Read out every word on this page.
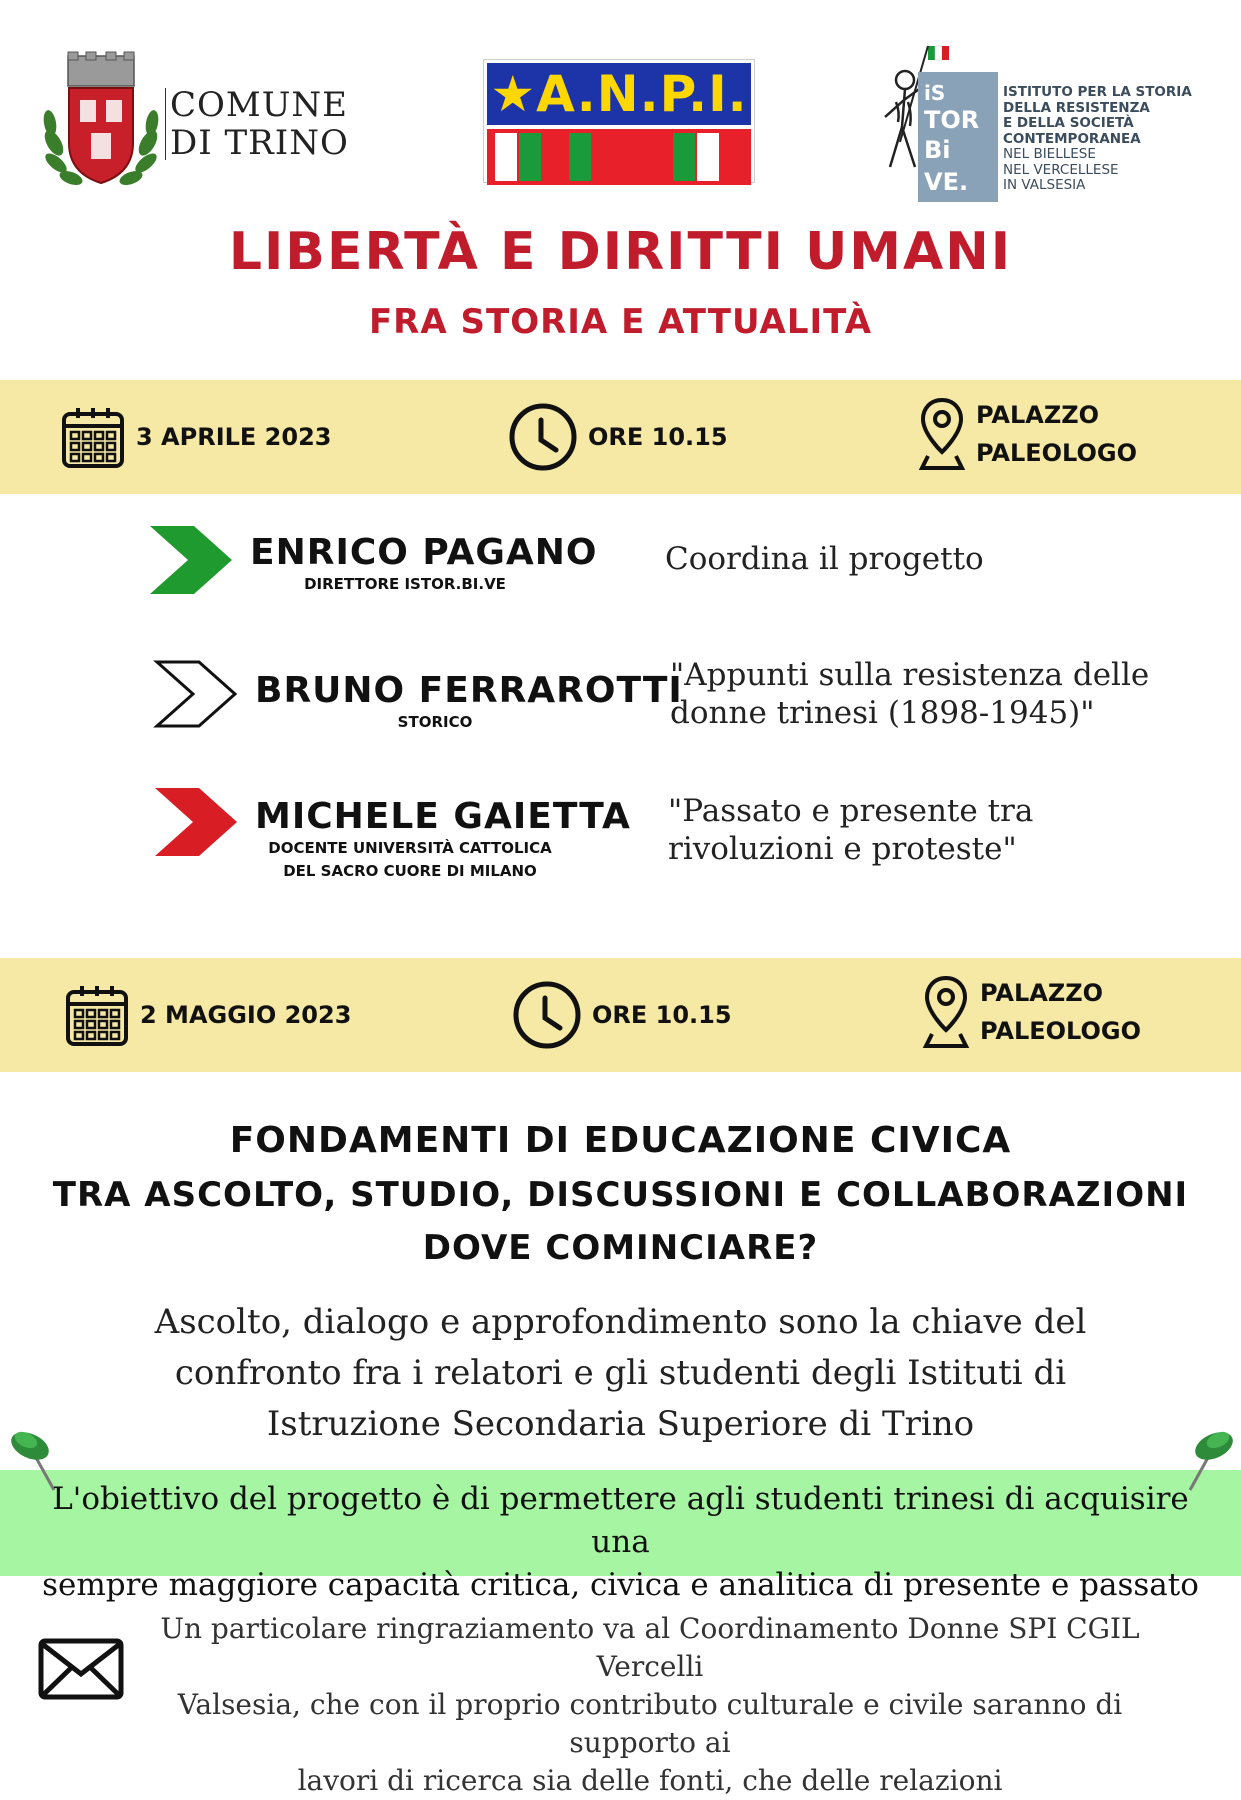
COMUNE
DI TRINO
★A.N.P.I.	iS
TOR
Bi
VE.
ISTITUTO PER LA STORIA
DELLA RESISTENZA
E DELLA SOCIETÀ
CONTEMPORANEA
NEL BIELLESE
NEL VERCELLESE
IN VALSESIA
LIBERTÀ E DIRITTI UMANI
FRA STORIA E ATTUALITÀ
3 APRILE 2023	ORE 10.15
PALAZZO
PALEOLOGO
ENRICO PAGANO
DIRETTORE ISTOR.BI.VE
Coordina il progetto
BRUNO FERRAROTTI
STORICO
"Appunti sulla resistenza delle
donne trinesi (1898-1945)"
MICHELE GAIETTA
DOCENTE UNIVERSITÀ CATTOLICA
DEL SACRO CUORE DI MILANO
"Passato e presente tra
rivoluzioni e proteste"
2 MAGGIO 2023	ORE 10.15
PALAZZO
PALEOLOGO
FONDAMENTI DI EDUCAZIONE CIVICA
TRA ASCOLTO, STUDIO, DISCUSSIONI E COLLABORAZIONI
DOVE COMINCIARE?
Ascolto, dialogo e approfondimento sono la chiave del
confronto fra i relatori e gli studenti degli Istituti di
Istruzione Secondaria Superiore di Trino
L'obiettivo del progetto è di permettere agli studenti trinesi di acquisire una
sempre maggiore capacità critica, civica e analitica di presente e passato
Un particolare ringraziamento va al Coordinamento Donne SPI CGIL Vercelli
Valsesia, che con il proprio contributo culturale e civile saranno di supporto ai
lavori di ricerca sia delle fonti, che delle relazioni
